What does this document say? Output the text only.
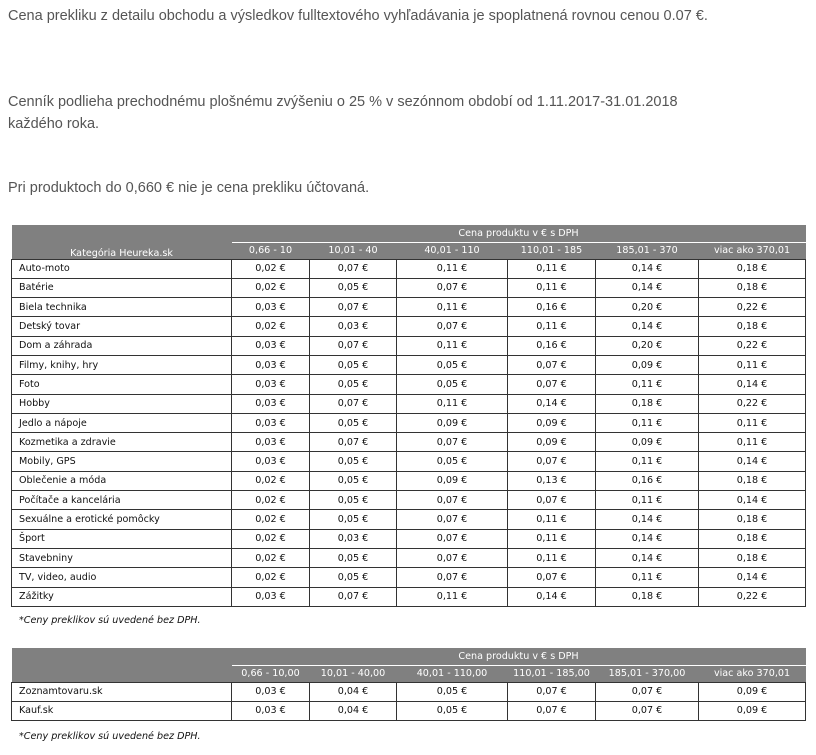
Cena prekliku z detailu obchodu a výsledkov fulltextového vyhľadávania je spoplatnená rovnou cenou 0.07 €.

Cenník podlieha prechodnému plošnému zvýšeniu o 25 % v sezónnom období od 1.11.2017-31.01.2018 každého roka.

Pri produktoch do 0,660 € nie je cena prekliku účtovaná.

Kategória Heureka.sk	Cena produktu v € s DPH					
	0,66 - 10	10,01 - 40	40,01 - 110	110,01 - 185	185,01 - 370	viac ako 370,01
Auto-moto	0,02 €	0,07 €	0,11 €	0,11 €	0,14 €	0,18 €
Batérie	0,02 €	0,05 €	0,07 €	0,11 €	0,14 €	0,18 €
Biela technika	0,03 €	0,07 €	0,11 €	0,16 €	0,20 €	0,22 €
Detský tovar	0,02 €	0,03 €	0,07 €	0,11 €	0,14 €	0,18 €
Dom a záhrada	0,03 €	0,07 €	0,11 €	0,16 €	0,20 €	0,22 €
Filmy, knihy, hry	0,03 €	0,05 €	0,05 €	0,07 €	0,09 €	0,11 €
Foto	0,03 €	0,05 €	0,05 €	0,07 €	0,11 €	0,14 €
Hobby	0,03 €	0,07 €	0,11 €	0,14 €	0,18 €	0,22 €
Jedlo a nápoje	0,03 €	0,05 €	0,09 €	0,09 €	0,11 €	0,11 €
Kozmetika a zdravie	0,03 €	0,07 €	0,07 €	0,09 €	0,09 €	0,11 €
Mobily, GPS	0,03 €	0,05 €	0,05 €	0,07 €	0,11 €	0,14 €
Oblečenie a móda	0,02 €	0,05 €	0,09 €	0,13 €	0,16 €	0,18 €
Počítače a kancelária	0,02 €	0,05 €	0,07 €	0,07 €	0,11 €	0,14 €
Sexuálne a erotické pomôcky	0,02 €	0,05 €	0,07 €	0,11 €	0,14 €	0,18 €
Šport	0,02 €	0,03 €	0,07 €	0,11 €	0,14 €	0,18 €
Stavebniny	0,02 €	0,05 €	0,07 €	0,11 €	0,14 €	0,18 €
TV, video, audio	0,02 €	0,05 €	0,07 €	0,07 €	0,11 €	0,14 €
Zážitky	0,03 €	0,07 €	0,11 €	0,14 €	0,18 €	0,22 €
*Ceny preklikov sú uvedené bez DPH.
	Cena produktu v € s DPH					
	0,66 - 10,00	10,01 - 40,00	40,01 - 110,00	110,01 - 185,00	185,01 - 370,00	viac ako 370,01
Zoznamtovaru.sk	0,03 €	0,04 €	0,05 €	0,07 €	0,07 €	0,09 €
Kauf.sk	0,03 €	0,04 €	0,05 €	0,07 €	0,07 €	0,09 €
*Ceny preklikov sú uvedené bez DPH.
